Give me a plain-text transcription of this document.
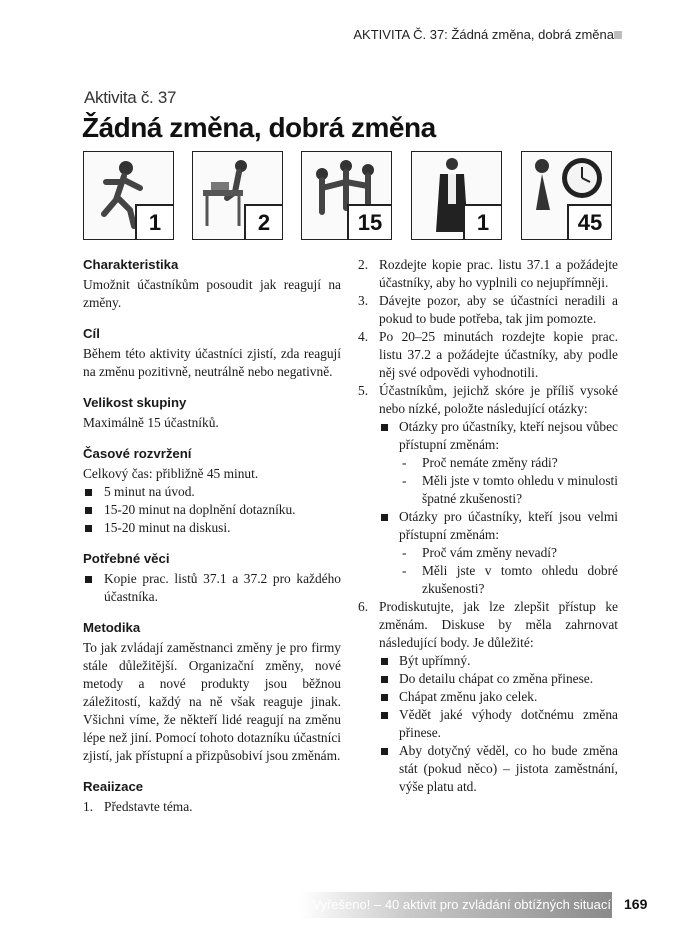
AKTIVITA Č. 37: Žádná změna, dobrá změna
Aktivita č. 37
Žádná změna, dobrá změna
1	2	15	1	45
Charakteristika

Umožnit účastníkům posoudit jak reagují na změny.

Cíl

Během této aktivity účastníci zjistí, zda reagují na změnu pozitivně, neutrálně nebo negativně.

Velikost skupiny

Maximálně 15 účastníků.

Časové rozvržení

Celkový čas: přibližně 45 minut.

5 minut na úvod.
15-20 minut na doplnění dotazníku.
15-20 minut na diskusi.
Potřebné věci
Kopie prac. listů 37.1 a 37.2 pro každého účastníka.
Metodika

To jak zvládají zaměstnanci změny je pro firmy stále důležitější. Organizační změny, nové metody a nové produkty jsou běžnou záležitostí, každý na ně však reaguje jinak. Všichni víme, že někteří lidé reagují na změnu lépe než jiní. Pomocí tohoto dotazníku účastníci zjistí, jak přístupní a přizpůsobiví jsou změnám.

Reaiizace
1. Představte téma.
2. Rozdejte kopie prac. listu 37.1 a požádejte účastníky, aby ho vyplnili co nejupřímněji.
3. Dávejte pozor, aby se účastníci neradili a pokud to bude potřeba, tak jim pomozte.
4. Po 20–25 minutách rozdejte kopie prac. listu 37.2 a požádejte účastníky, aby podle něj své odpovědi vyhodnotili.
5. Účastníkům, jejichž skóre je příliš vysoké nebo nízké, položte následující otázky:
Otázky pro účastníky, kteří nejsou vůbec přístupní změnám:
- Proč nemáte změny rádi?
- Měli jste v tomto ohledu v minulosti špatné zkušenosti?
Otázky pro účastníky, kteří jsou velmi přístupní změnám:
- Proč vám změny nevadí?
- Měli jste v tomto ohledu dobré zkušenosti?
6. Prodiskutujte, jak lze zlepšit přístup ke změnám. Diskuse by měla zahrnovat následující body. Je důležité:
Být upřímný.
Do detailu chápat co změna přinese.
Chápat změnu jako celek.
Vědět jaké výhody dotčnému změna přinese.
Aby dotyčný věděl, co ho bude změna stát (pokud něco) – jistota zaměstnání, výše platu atd.
Vyřešeno! – 40 aktivit pro zvládání obtížných situací 169
